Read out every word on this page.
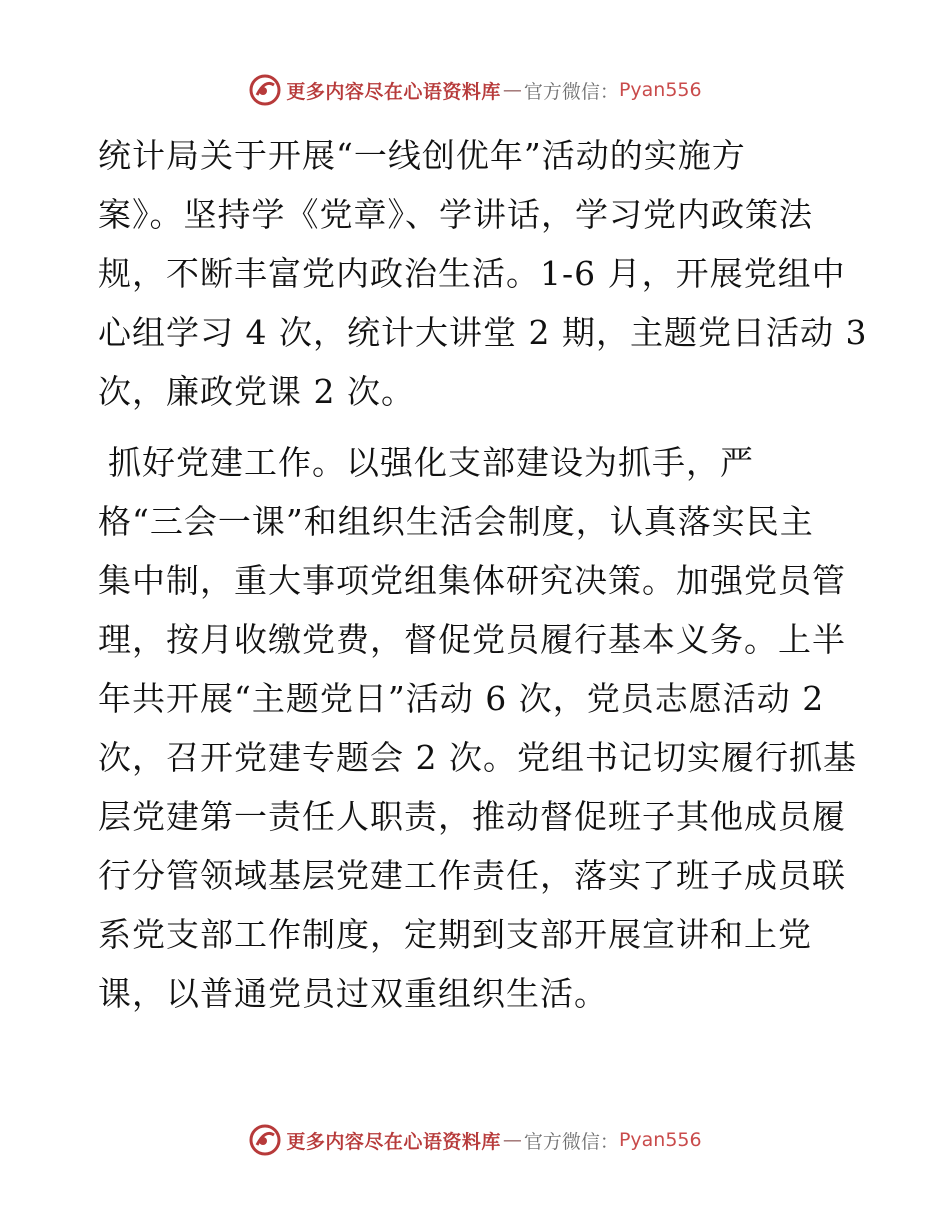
更多内容尽在心语资料库 — 官方微信： Pyan556

统计局关于开展“一线创优年”活动的实施方
案》。坚持学《党章》、学讲话，学习党内政策法
规，不断丰富党内政治生活。1-6 月，开展党组中
心组学习 4 次，统计大讲堂 2 期，主题党日活动 3
次，廉政党课 2 次。

抓好党建工作。以强化支部建设为抓手，严
格“三会一课”和组织生活会制度，认真落实民主
集中制，重大事项党组集体研究决策。加强党员管
理，按月收缴党费，督促党员履行基本义务。上半
年共开展“主题党日”活动 6 次，党员志愿活动 2
次，召开党建专题会 2 次。党组书记切实履行抓基
层党建第一责任人职责，推动督促班子其他成员履
行分管领域基层党建工作责任，落实了班子成员联
系党支部工作制度，定期到支部开展宣讲和上党
课，以普通党员过双重组织生活。

更多内容尽在心语资料库 — 官方微信： Pyan556
